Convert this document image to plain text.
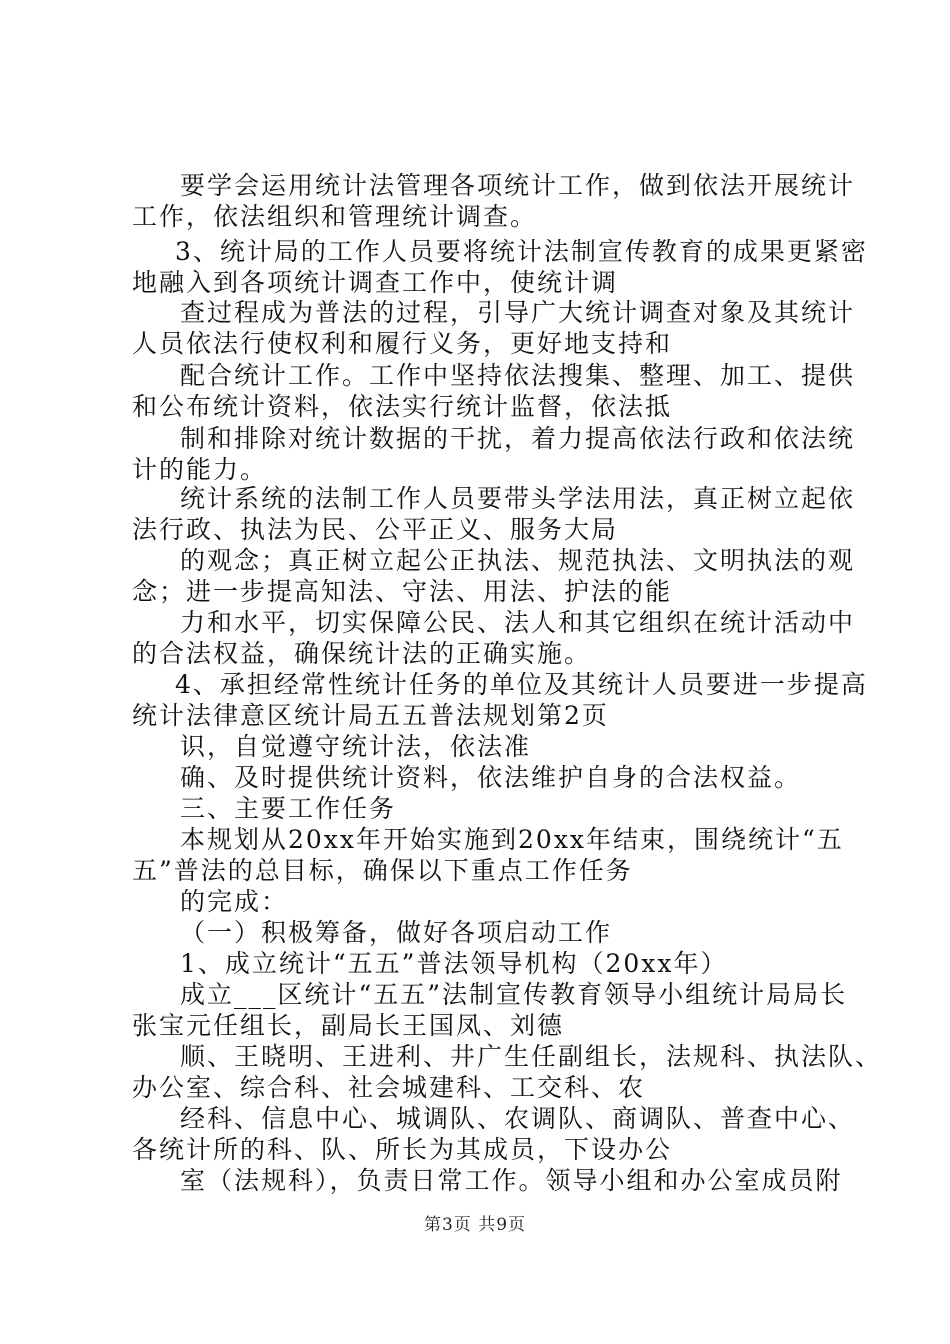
要学会运用统计法管理各项统计工作，做到依法开展统计
工作，依法组织和管理统计调查。
3、统计局的工作人员要将统计法制宣传教育的成果更紧密
地融入到各项统计调查工作中，使统计调
查过程成为普法的过程，引导广大统计调查对象及其统计
人员依法行使权利和履行义务，更好地支持和
配合统计工作。工作中坚持依法搜集、整理、加工、提供
和公布统计资料，依法实行统计监督，依法抵
制和排除对统计数据的干扰，着力提高依法行政和依法统
计的能力。
统计系统的法制工作人员要带头学法用法，真正树立起依
法行政、执法为民、公平正义、服务大局
的观念；真正树立起公正执法、规范执法、文明执法的观
念；进一步提高知法、守法、用法、护法的能
力和水平，切实保障公民、法人和其它组织在统计活动中
的合法权益，确保统计法的正确实施。
4、承担经常性统计任务的单位及其统计人员要进一步提高
统计法律意区统计局五五普法规划第2页
识，自觉遵守统计法，依法准
确、及时提供统计资料，依法维护自身的合法权益。
三、主要工作任务
本规划从20xx年开始实施到20xx年结束，围绕统计“五
五”普法的总目标，确保以下重点工作任务
的完成：
（一）积极筹备，做好各项启动工作
1、成立统计“五五”普法领导机构（20xx年）
成立___区统计“五五”法制宣传教育领导小组统计局局长
张宝元任组长，副局长王国凤、刘德
顺、王晓明、王进利、井广生任副组长，法规科、执法队、
办公室、综合科、社会城建科、工交科、农
经科、信息中心、城调队、农调队、商调队、普查中心、
各统计所的科、队、所长为其成员，下设办公
室（法规科），负责日常工作。领导小组和办公室成员附
第3页 共9页
